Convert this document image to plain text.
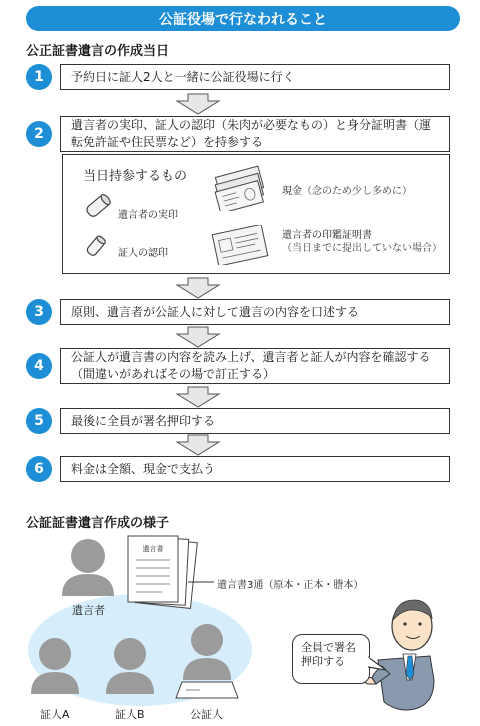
公証役場で行なわれること
公正証書遺言の作成当日
1	予約日に証人2人と一緒に公証役場に行く
2
遺言者の実印、証人の認印（朱肉が必要なもの）と身分証明書（運転免許証や住民票など）を持参する
当日持参するもの
遺言者の実印
証人の認印
現金（念のため少し多めに）
遺言者の印鑑証明書
（当日までに提出していない場合）
3	原則、遺言者が公証人に対して遺言の内容を口述する
4
公証人が遺言書の内容を読み上げ、遺言者と証人が内容を確認する（間違いがあればその場で訂正する）
5	最後に全員が署名押印する
6	料金は全額、現金で支払う
公証証書遺言作成の様子
遺言書
遺言書3通（原本・正本・謄本）
遺言者
証人A	証人B	公証人
全員で署名
押印する
